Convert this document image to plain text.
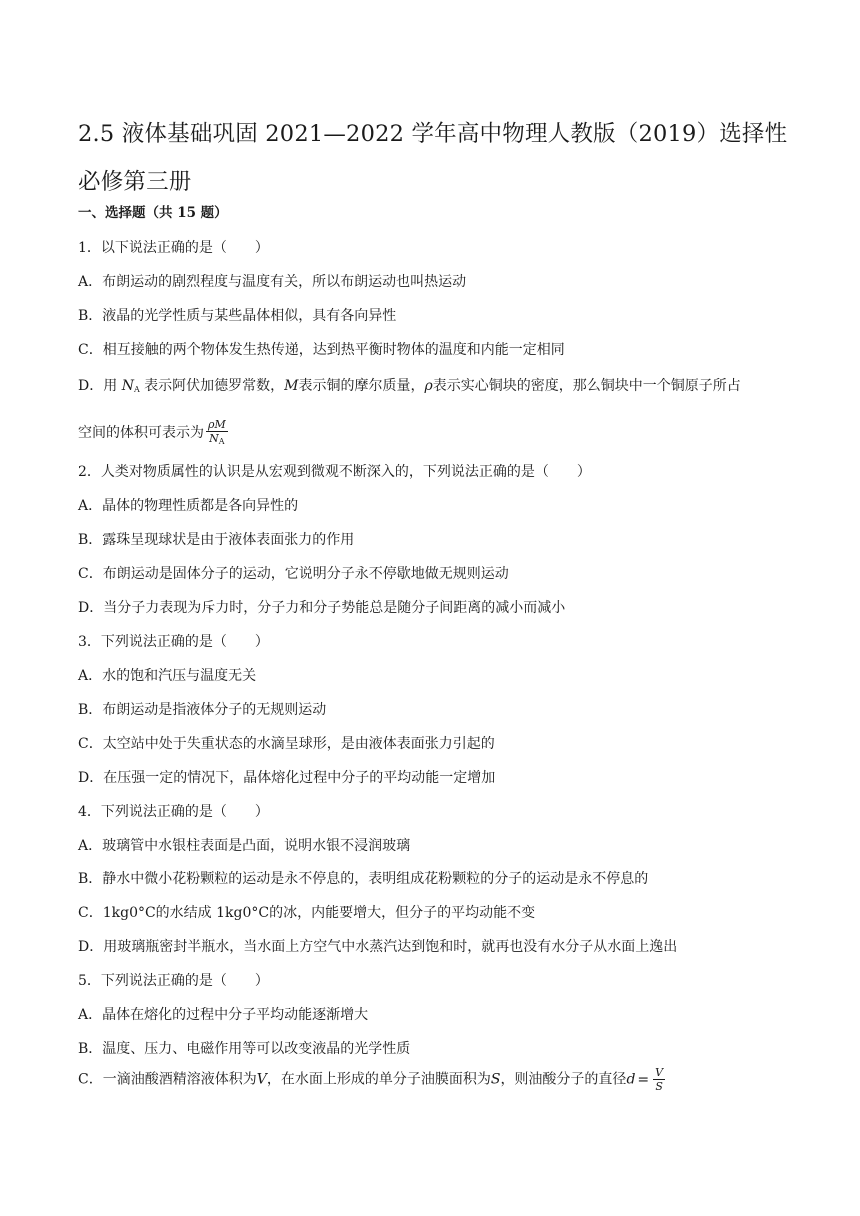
2.5 液体基础巩固 2021—2022 学年高中物理人教版（2019）选择性必修第三册
一、选择题（共 15 题）
1．以下说法正确的是（　　）
A．布朗运动的剧烈程度与温度有关，所以布朗运动也叫热运动
B．液晶的光学性质与某些晶体相似，具有各向异性
C．相互接触的两个物体发生热传递，达到热平衡时物体的温度和内能一定相同
D．用 $N_A$ 表示阿伏加德罗常数，M表示铜的摩尔质量，ρ表示实心铜块的密度，那么铜块中一个铜原子所占
空间的体积可表示为 $\frac{\rho M}{N_A}$
2．人类对物质属性的认识是从宏观到微观不断深入的，下列说法正确的是（　　）
A．晶体的物理性质都是各向异性的
B．露珠呈现球状是由于液体表面张力的作用
C．布朗运动是固体分子的运动，它说明分子永不停歇地做无规则运动
D．当分子力表现为斥力时，分子力和分子势能总是随分子间距离的减小而减小
3．下列说法正确的是（　　）
A．水的饱和汽压与温度无关
B．布朗运动是指液体分子的无规则运动
C．太空站中处于失重状态的水滴呈球形，是由液体表面张力引起的
D．在压强一定的情况下，晶体熔化过程中分子的平均动能一定增加
4．下列说法正确的是（　　）
A．玻璃管中水银柱表面是凸面，说明水银不浸润玻璃
B．静水中微小花粉颗粒的运动是永不停息的，表明组成花粉颗粒的分子的运动是永不停息的
C．1kg0°C的水结成 1kg0°C的冰，内能要增大，但分子的平均动能不变
D．用玻璃瓶密封半瓶水，当水面上方空气中水蒸汽达到饱和时，就再也没有水分子从水面上逸出
5．下列说法正确的是（　　）
A．晶体在熔化的过程中分子平均动能逐渐增大
B．温度、压力、电磁作用等可以改变液晶的光学性质
C．一滴油酸酒精溶液体积为V，在水面上形成的单分子油膜面积为S，则油酸分子的直径$d = \frac{V}{S}$
